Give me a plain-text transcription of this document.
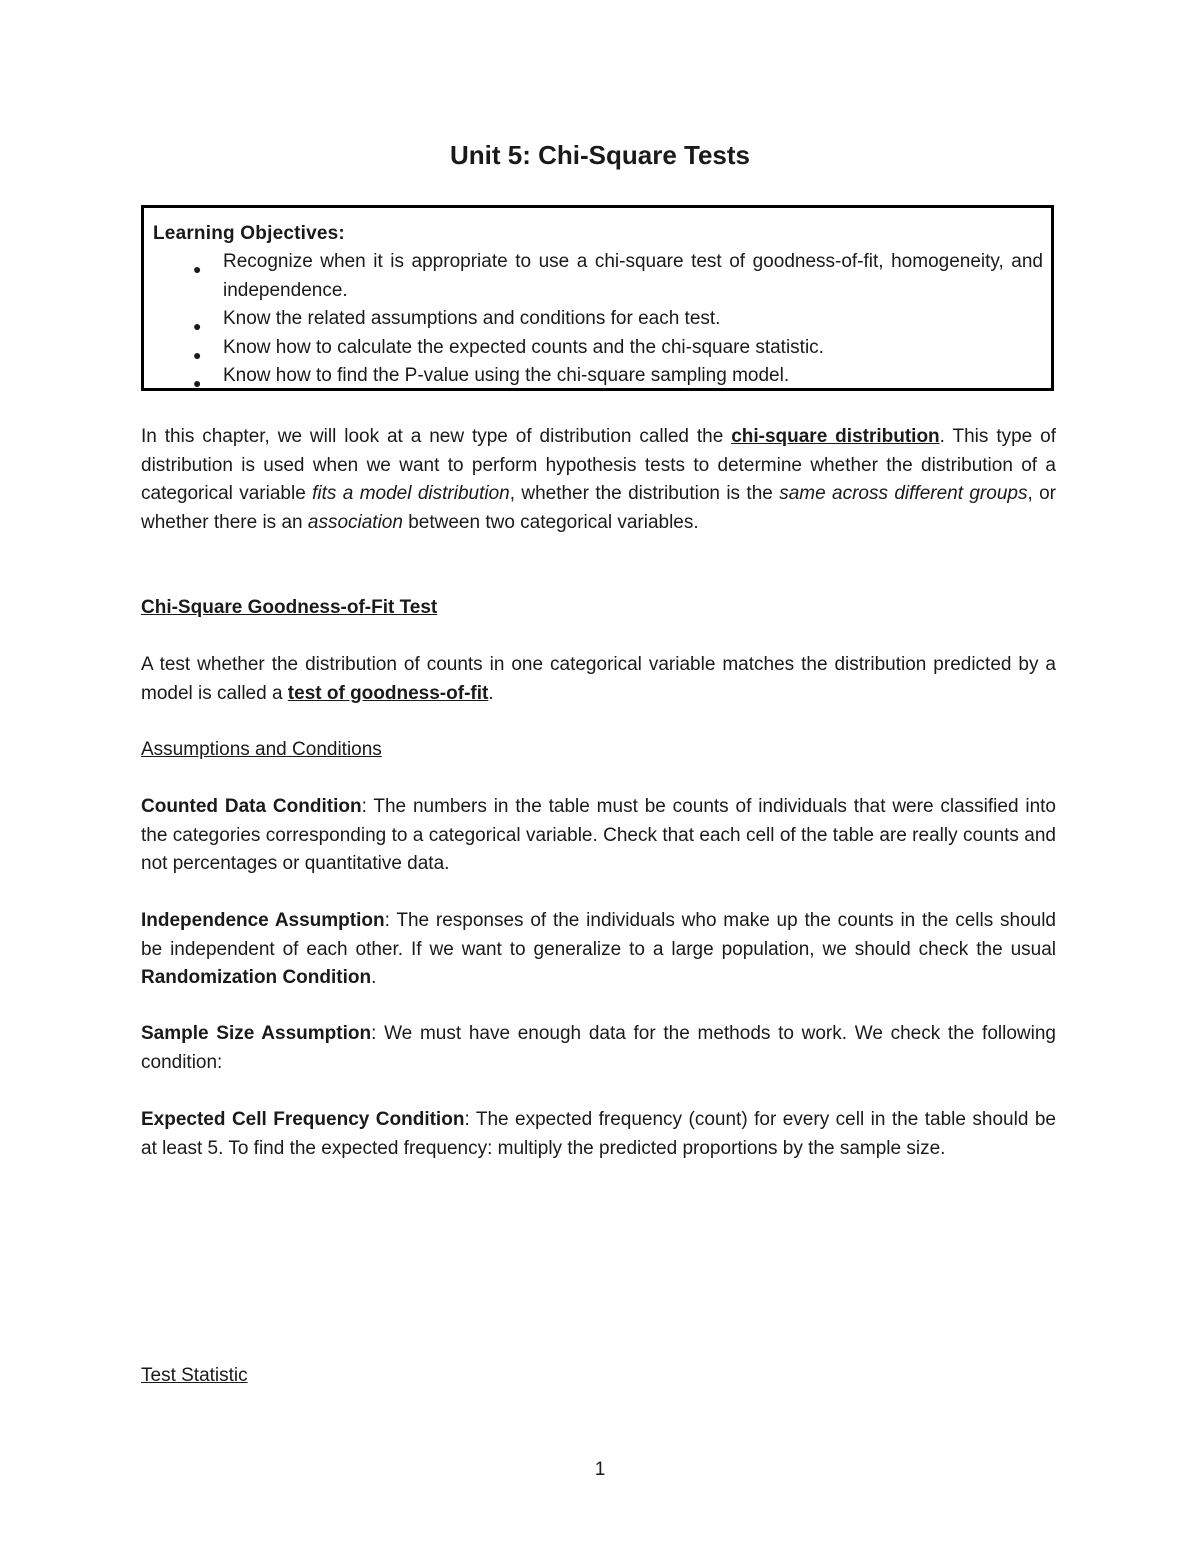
Unit 5: Chi-Square Tests
Learning Objectives:
● Recognize when it is appropriate to use a chi-square test of goodness-of-fit, homogeneity, and independence.
● Know the related assumptions and conditions for each test.
● Know how to calculate the expected counts and the chi-square statistic.
● Know how to find the P-value using the chi-square sampling model.

In this chapter, we will look at a new type of distribution called the chi-square distribution. This type of distribution is used when we want to perform hypothesis tests to determine whether the distribution of a categorical variable fits a model distribution, whether the distribution is the same across different groups, or whether there is an association between two categorical variables.

Chi-Square Goodness-of-Fit Test

A test whether the distribution of counts in one categorical variable matches the distribution predicted by a model is called a test of goodness-of-fit.

Assumptions and Conditions

Counted Data Condition: The numbers in the table must be counts of individuals that were classified into the categories corresponding to a categorical variable. Check that each cell of the table are really counts and not percentages or quantitative data.

Independence Assumption: The responses of the individuals who make up the counts in the cells should be independent of each other. If we want to generalize to a large population, we should check the usual Randomization Condition.

Sample Size Assumption: We must have enough data for the methods to work. We check the following condition:

Expected Cell Frequency Condition: The expected frequency (count) for every cell in the table should be at least 5. To find the expected frequency: multiply the predicted proportions by the sample size.

Test Statistic

1
